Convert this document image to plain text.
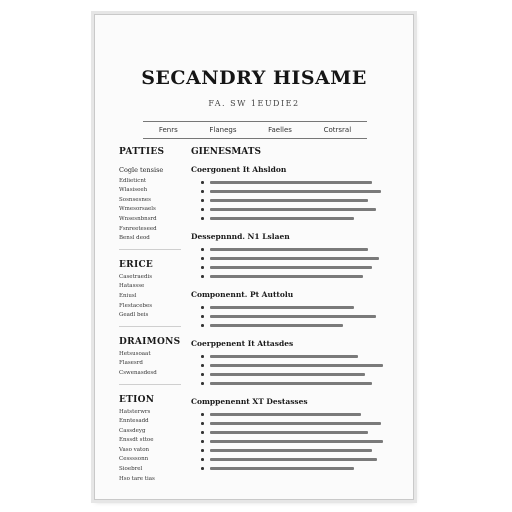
SECANDRY HISAME
FA. SW 1EUDIE2
Fenrs	Flanegs	Faelles	Cotrsral
PATTIES
Cogle tensise
Edlieticnt
Wlasiseeh
Sosnsesnes
Wmesorsaels
Wnsesnbnsrd
Fsnreeteseed
Bensl deod
ERICE
Casetraedis
Hatassse
Eniusl
Flestacebes
Geadl beis
DRAIMONS
Hetsusoaat
Flasesrd
Cswenasdesd
ETION
Hatsterwrs
Enntesadd
Cassdeyg
Enssdt sttoe
Vaso vaton
Cessssonn
Sioebrel
Hso tare tias
GIENESMATS
Coergonent It Ahsldon
Dessepnnnd. N1 Lslaen
Componennt. Pt Auttolu
Coerppenent It Attasdes
Comppenennt XT Destasses
